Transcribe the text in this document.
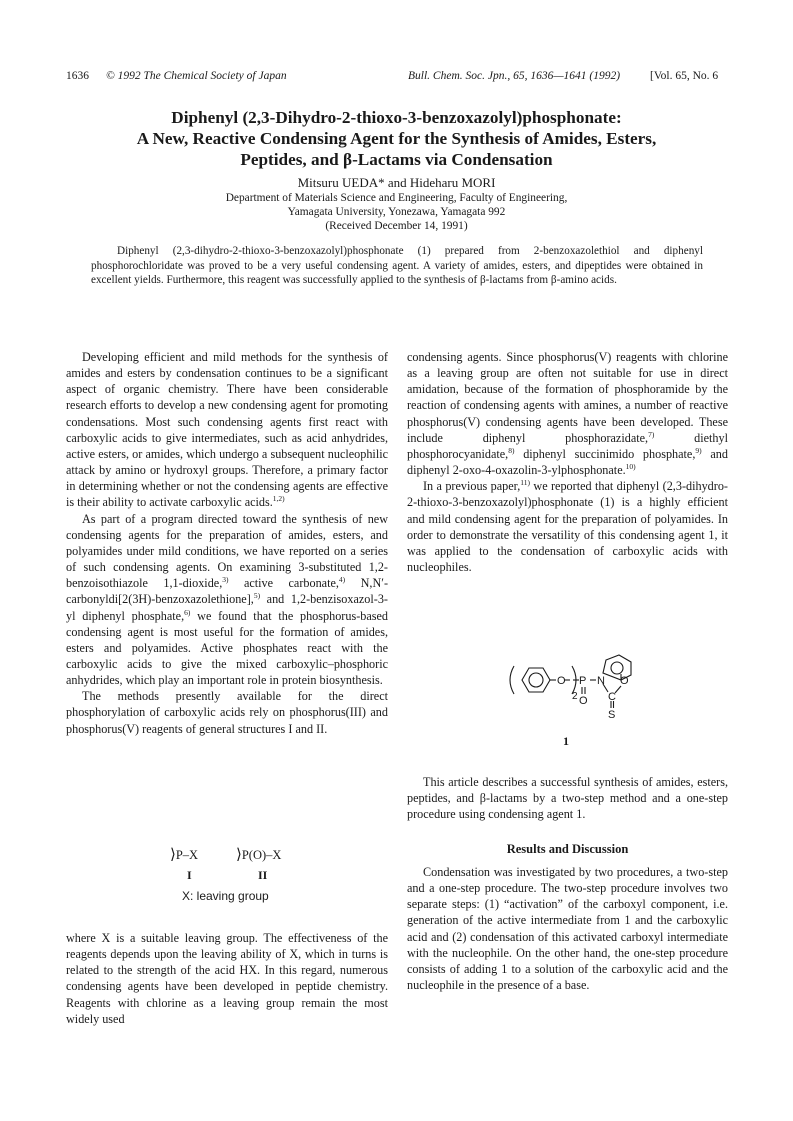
1636 © 1992 The Chemical Society of Japan	Bull. Chem. Soc. Jpn., 65, 1636—1641 (1992)	[Vol. 65, No. 6
Diphenyl (2,3-Dihydro-2-thioxo-3-benzoxazolyl)phosphonate:
A New, Reactive Condensing Agent for the Synthesis of Amides, Esters,
Peptides, and β-Lactams via Condensation
Mitsuru UEDA* and Hideharu MORI
Department of Materials Science and Engineering, Faculty of Engineering,
Yamagata University, Yonezawa, Yamagata 992
(Received December 14, 1991)
Diphenyl (2,3-dihydro-2-thioxo-3-benzoxazolyl)phosphonate (1) prepared from 2-benzoxazolethiol and diphenyl phosphorochloridate was proved to be a very useful condensing agent. A variety of amides, esters, and dipeptides were obtained in excellent yields. Furthermore, this reagent was successfully applied to the synthesis of β-lactams from β-amino acids.

Developing efficient and mild methods for the synthesis of amides and esters by condensation continues to be a significant aspect of organic chemistry. There have been considerable research efforts to develop a new condensing agent for promoting condensations. Most such condensing agents first react with carboxylic acids to give intermediates, such as acid anhydrides, active esters, or amides, which undergo a subsequent nucleophilic attack by amino or hydroxyl groups. Therefore, a primary factor in determining whether or not the condensing agents are effective is their ability to activate carboxylic acids.$^{1,2)}$

As part of a program directed toward the synthesis of new condensing agents for the preparation of amides, esters, and polyamides under mild conditions, we have reported on a series of such condensing agents. On examining 3-substituted 1,2-benzoisothiazole 1,1-dioxide,$^{3)}$ active carbonate,$^{4)}$ N,N′-carbonyldi[2(3H)-benzoxazolethione],$^{5)}$ and 1,2-benzisoxazol-3-yl diphenyl phosphate,$^{6)}$ we found that the phosphorus-based condensing agent is most useful for the formation of amides, esters and polyamides. Active phosphates react with the carboxylic acids to give the mixed carboxylic–phosphoric anhydrides, which play an important role in protein biosynthesis.

The methods presently available for the direct phosphorylation of carboxylic acids rely on phosphorus(III) and phosphorus(V) reagents of general structures I and II.

⟩P–X	⟩P(O)–X
I	II
X: leaving group

where X is a suitable leaving group. The effectiveness of the reagents depends upon the leaving ability of X, which in turns is related to the strength of the acid HX. In this regard, numerous condensing agents have been developed in peptide chemistry. Reagents with chlorine as a leaving group remain the most widely used

condensing agents. Since phosphorus(V) reagents with chlorine as a leaving group are often not suitable for use in direct amidation, because of the formation of phosphoramide by the reaction of condensing agents with amines, a number of reactive phosphorus(V) condensing agents have been developed. These include diphenyl phosphorazidate,$^{7)}$ diethyl phosphorocyanidate,$^{8)}$ diphenyl succinimido phosphate,$^{9)}$ and diphenyl 2-oxo-4-oxazolin-3-ylphosphonate.$^{10)}$

In a previous paper,$^{11)}$ we reported that diphenyl (2,3-dihydro-2-thioxo-3-benzoxazolyl)phosphonate (1) is a highly efficient and mild condensing agent for the preparation of polyamides. In order to demonstrate the versatility of this condensing agent 1, it was applied to the condensation of carboxylic acids with nucleophiles.

O P N O
C
S
2 O
1

This article describes a successful synthesis of amides, esters, peptides, and β-lactams by a two-step method and a one-step procedure using condensing agent 1.

Results and Discussion

Condensation was investigated by two procedures, a two-step and a one-step procedure. The two-step procedure involves two separate steps: (1) “activation” of the carboxyl component, i.e. generation of the active intermediate from 1 and the carboxylic acid and (2) condensation of this activated carboxyl intermediate with the nucleophile. On the other hand, the one-step procedure consists of adding 1 to a solution of the carboxylic acid and the nucleophile in the presence of a base.
